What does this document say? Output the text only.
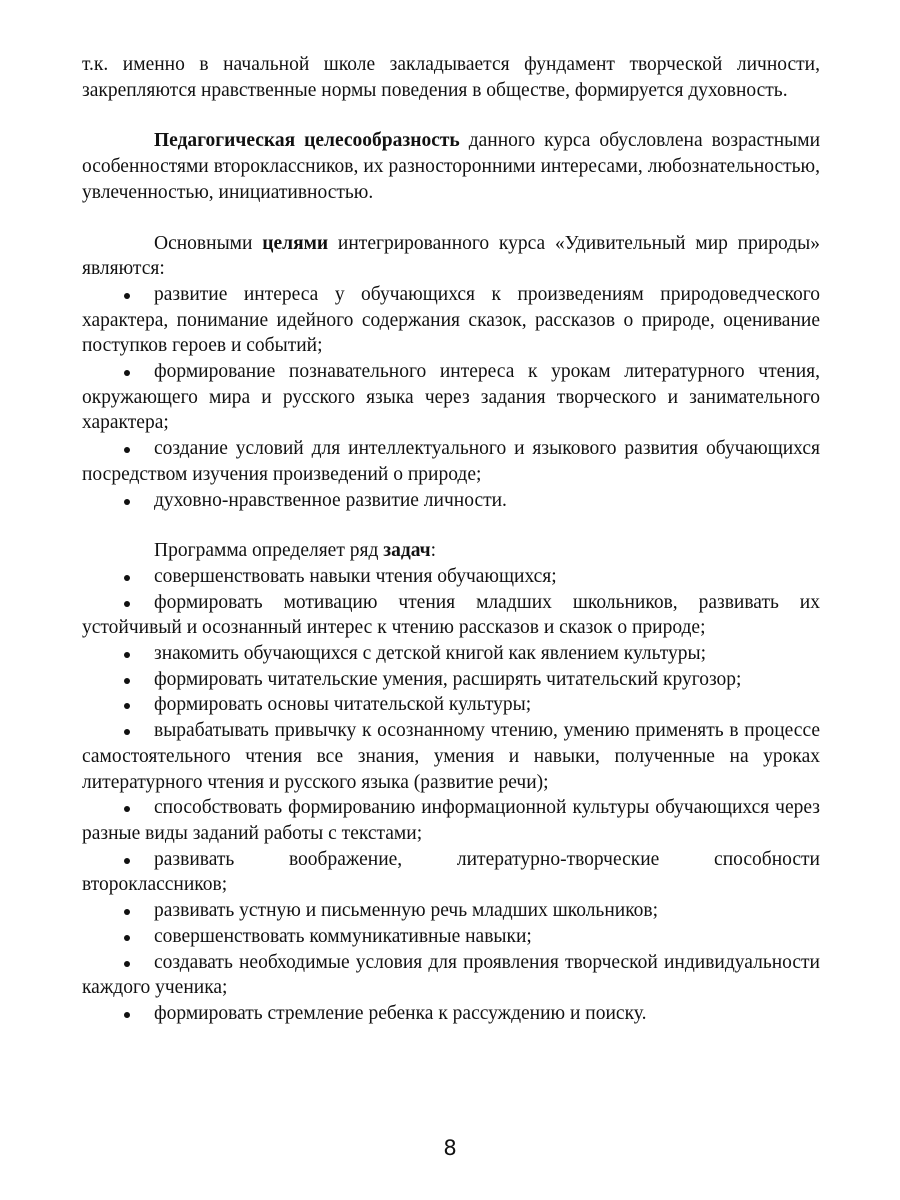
т.к. именно в начальной школе закладывается фундамент творческой личности, закрепляются нравственные нормы поведения в обществе, формируется духовность.

Педагогическая целесообразность данного курса обусловлена возрастными особенностями второклассников, их разносторонними интересами, любознательностью, увлеченностью, инициативностью.

Основными целями интегрированного курса «Удивительный мир природы» являются:

развитие интереса у обучающихся к произведениям природоведческого характера, понимание идейного содержания сказок, рассказов о природе, оценивание поступков героев и событий;
формирование познавательного интереса к урокам литературного чтения, окружающего мира и русского языка через задания творческого и занимательного характера;
создание условий для интеллектуального и языкового развития обучающихся посредством изучения произведений о природе;
духовно-нравственное развитие личности.

Программа определяет ряд задач:

совершенствовать навыки чтения обучающихся;
формировать мотивацию чтения младших школьников, развивать их устойчивый и осознанный интерес к чтению рассказов и сказок о природе;
знакомить обучающихся с детской книгой как явлением культуры;
формировать читательские умения, расширять читательский кругозор;
формировать основы читательской культуры;
вырабатывать привычку к осознанному чтению, умению применять в процессе самостоятельного чтения все знания, умения и навыки, полученные на уроках литературного чтения и русского языка (развитие речи);
способствовать формированию информационной культуры обучающихся через разные виды заданий работы с текстами;
развивать воображение, литературно-творческие способности второклассников;
развивать устную и письменную речь младших школьников;
совершенствовать коммуникативные навыки;
создавать необходимые условия для проявления творческой индивидуальности каждого ученика;
формировать стремление ребенка к рассуждению и поиску.
8
